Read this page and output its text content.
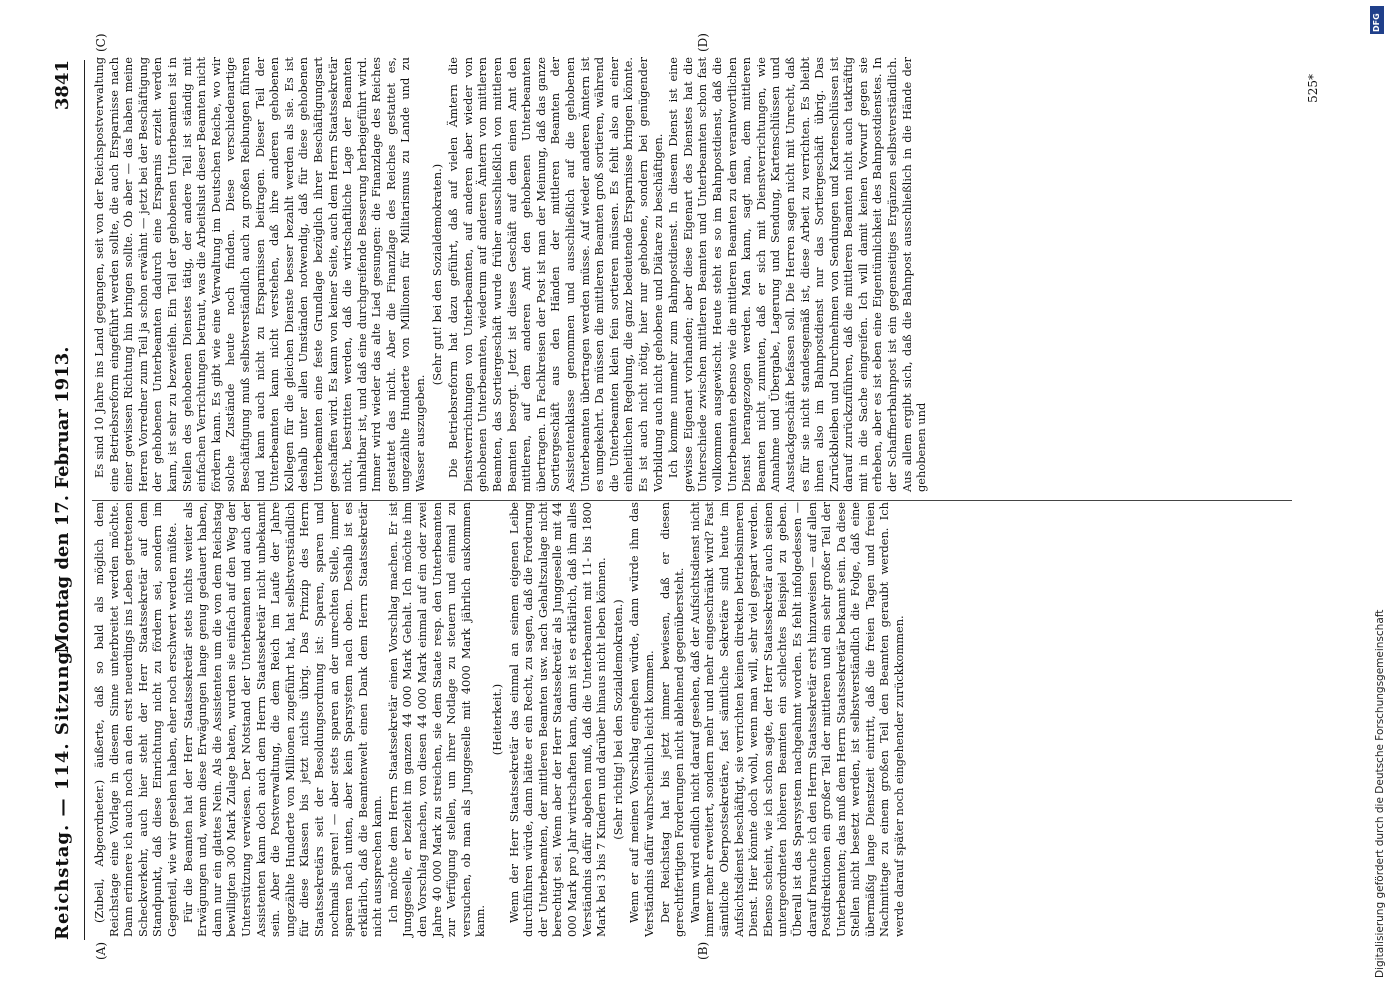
Reichstag. — 114. Sitzung.
Montag den 17. Februar 1913.
3841
(A)	(B)
(C)	(D)

(Zubeil, Abgeordneter.) äußerte, daß so bald als möglich dem Reichstage eine Vorlage in diesem Sinne unterbreitet werden möchte. Dann erinnere ich auch noch an den erst neuerdings ins Leben getretenen Scheckverkehr, auch hier steht der Herr Staatssekretär auf dem Standpunkt, daß diese Einrichtung nicht zu fördern sei, sondern im Gegenteil, wie wir gesehen haben, eher noch erschwert werden müßte. Für die Beamten hat der Herr Staatssekretär stets nichts weiter als Erwägungen und, wenn diese Erwägungen lange genug gedauert haben, dann nur ein glattes Nein. Als die Assistenten um die von dem Reichstag bewilligten 300 Mark Zulage baten, wurden sie einfach auf den Weg der Unterstützung verwiesen. Der Notstand der Unterbeamten und auch der Assistenten kann doch auch dem Herrn Staatssekretär nicht unbekannt sein. Aber die Postverwaltung, die dem Reich im Laufe der Jahre ungezählte Hunderte von Millionen zugeführt hat, hat selbstverständlich für diese Klassen bis jetzt nichts übrig. Das Prinzip des Herrn Staatssekretärs seit der Besoldungsordnung ist: Sparen, sparen und nochmals sparen! — aber stets sparen an der unrechten Stelle, immer sparen nach unten, aber kein Sparsystem nach oben. Deshalb ist es erklärlich, daß die Beamtenwelt einen Dank dem Herrn Staatssekretär nicht aussprechen kann. Ich möchte dem Herrn Staatssekretär einen Vorschlag machen. Er ist Junggeselle, er bezieht im ganzen 44 000 Mark Gehalt. Ich möchte ihm den Vorschlag machen, von diesen 44 000 Mark einmal auf ein oder zwei Jahre 40 000 Mark zu streichen, sie dem Staate resp. den Unterbeamten zur Verfügung stellen, um ihrer Notlage zu steuern und einmal zu versuchen, ob man als Junggeselle mit 4000 Mark jährlich auskommen kann.

(Heiterkeit.) Wenn der Herr Staatssekretär das einmal an seinem eigenen Leibe durchführen würde, dann hätte er ein Recht, zu sagen, daß die Forderung der Unterbeamten, der mittleren Beamten usw. nach Gehaltszulage nicht berechtigt sei. Wenn aber der Herr Staatssekretär als Junggeselle mit 44 000 Mark pro Jahr wirtschaften kann, dann ist es erklärlich, daß ihm alles Verständnis dafür abgehen muß, daß die Unterbeamten mit 11- bis 1800 Mark bei 3 bis 7 Kindern und darüber hinaus nicht leben können. (Sehr richtig! bei den Sozialdemokraten.) Wenn er auf meinen Vorschlag eingehen würde, dann würde ihm das Verständnis dafür wahrscheinlich leicht kommen. Der Reichstag hat bis jetzt immer bewiesen, daß er diesen gerechtfertigten Forderungen nicht ablehnend gegenübersteht. Warum wird endlich nicht darauf gesehen, daß der Aufsichtsdienst nicht immer mehr erweitert, sondern mehr und mehr eingeschränkt wird? Fast sämtliche Oberpostsekretäre, fast sämtliche Sekretäre sind heute im Aufsichtsdienst beschäftigt, sie verrichten keinen direkten betriebsinneren Dienst. Hier könnte doch wohl, wenn man will, sehr viel gespart werden. Ebenso scheint, wie ich schon sagte, der Herr Staatssekretär auch seinen untergeordneten höheren Beamten ein schlechtes Beispiel zu geben. Überall ist das Sparsystem nachgeahmt worden. Es fehlt infolgedessen — darauf brauche ich den Herrn Staatssekretär erst hinzuweisen — auf allen Postdirektionen ein großer Teil der mittleren und ein sehr großer Teil der Unterbeamten; das muß dem Herrn Staatssekretär bekannt sein. Da diese Stellen nicht besetzt werden, ist selbstverständlich die Folge, daß eine übermäßig lange Dienstzeit eintritt, daß die freien Tagen und freien Nachmittage zu einem großen Teil den Beamten geraubt werden. Ich werde darauf später noch eingehender zurückkommen.

Es sind 10 Jahre ins Land gegangen, seit von der Reichspostverwaltung eine Betriebsreform eingeführt werden sollte, die auch Ersparnisse nach einer gewissen Richtung hin bringen sollte. Ob aber — das haben meine Herren Vorredner zum Teil ja schon erwähnt — jetzt bei der Beschäftigung der gehobenen Unterbeamten dadurch eine Ersparnis erzielt werden kann, ist sehr zu bezweifeln. Ein Teil der gehobenen Unterbeamten ist in Stellen des gehobenen Dienstes tätig, der andere Teil ist ständig mit einfachen Verrichtungen betraut, was die Arbeitslust dieser Beamten nicht fördern kann. Es gibt wie eine Verwaltung im Deutschen Reiche, wo wir solche Zustände heute noch finden. Diese verschiedenartige Beschäftigung muß selbstverständlich auch zu großen Reibungen führen und kann auch nicht zu Ersparnissen beitragen. Dieser Teil der Unterbeamten kann nicht verstehen, daß ihre anderen gehobenen Kollegen für die gleichen Dienste besser bezahlt werden als sie. Es ist deshalb unter allen Umständen notwendig, daß für diese gehobenen Unterbeamten eine feste Grundlage bezüglich ihrer Beschäftigungsart geschaffen wird. Es kann von keiner Seite, auch dem Herrn Staatssekretär nicht, bestritten werden, daß die wirtschaftliche Lage der Beamten unhaltbar ist, und daß eine durchgreifende Besserung herbeigeführt wird. Immer wird wieder das alte Lied gesungen: die Finanzlage des Reiches gestattet das nicht. Aber die Finanzlage des Reiches gestattet es, ungezählte Hunderte von Millionen für Militarismus zu Lande und zu Wasser auszugeben.

(Sehr gut! bei den Sozialdemokraten.) Die Betriebsreform hat dazu geführt, daß auf vielen Ämtern die Dienstverrichtungen von Unterbeamten, auf anderen aber wieder von gehobenen Unterbeamten, wiederum auf anderen Ämtern von mittleren Beamten, das Sortiergeschäft wurde früher ausschließlich von mittleren Beamten besorgt. Jetzt ist dieses Geschäft auf dem einen Amt den mittleren, auf dem anderen Amt den gehobenen Unterbeamten übertragen. In Fachkreisen der Post ist man der Meinung, daß das ganze Sortiergeschäft aus den Händen der mittleren Beamten der Assistentenklasse genommen und ausschließlich auf die gehobenen Unterbeamten übertragen werden müsse. Auf wieder anderen Ämtern ist es umgekehrt. Da müssen die mittleren Beamten groß sortieren, während die Unterbeamten klein fein sortieren müssen. Es fehlt also an einer einheitlichen Regelung, die ganz bedeutende Ersparnisse bringen könnte. Es ist auch nicht nötig, hier nur gehobene, sondern bei genügender Vorbildung auch nicht gehobene und Diätare zu beschäftigen. Ich komme nunmehr zum Bahnpostdienst. In diesem Dienst ist eine gewisse Eigenart vorhanden; aber diese Eigenart des Dienstes hat die Unterschiede zwischen mittleren Beamten und Unterbeamten schon fast vollkommen ausgewischt. Heute steht es so im Bahnpostdienst, daß die Unterbeamten ebenso wie die mittleren Beamten zu dem verantwortlichen Dienst herangezogen werden. Man kann, sagt man, dem mittleren Beamten nicht zumuten, daß er sich mit Dienstverrichtungen, wie Annahme und Übergabe, Lagerung und Sendung, Kartenschlüssen und Ausstackgeschäft befassen soll. Die Herren sagen nicht mit Unrecht, daß es für sie nicht standesgemäß ist, diese Arbeit zu verrichten. Es bleibt ihnen also im Bahnpostdienst nur das Sortiergeschäft übrig. Das Zurückbleiben und Durchnehmen von Sendungen und Kartenschlüssen ist darauf zurückzuführen, daß die mittleren Beamten nicht auch tatkräftig mit in die Sache eingreifen. Ich will damit keinen Vorwurf gegen sie erheben, aber es ist eben eine Eigentümlichkeit des Bahnpostdienstes. In der Schaffnerbahnpost ist ein gegenseitiges Ergänzen selbstverständlich. Aus allem ergibt sich, daß die Bahnpost ausschließlich in die Hände der gehobenen und

525*
DFG
Digitalisierung gefördert durch die Deutsche Forschungsgemeinschaft
